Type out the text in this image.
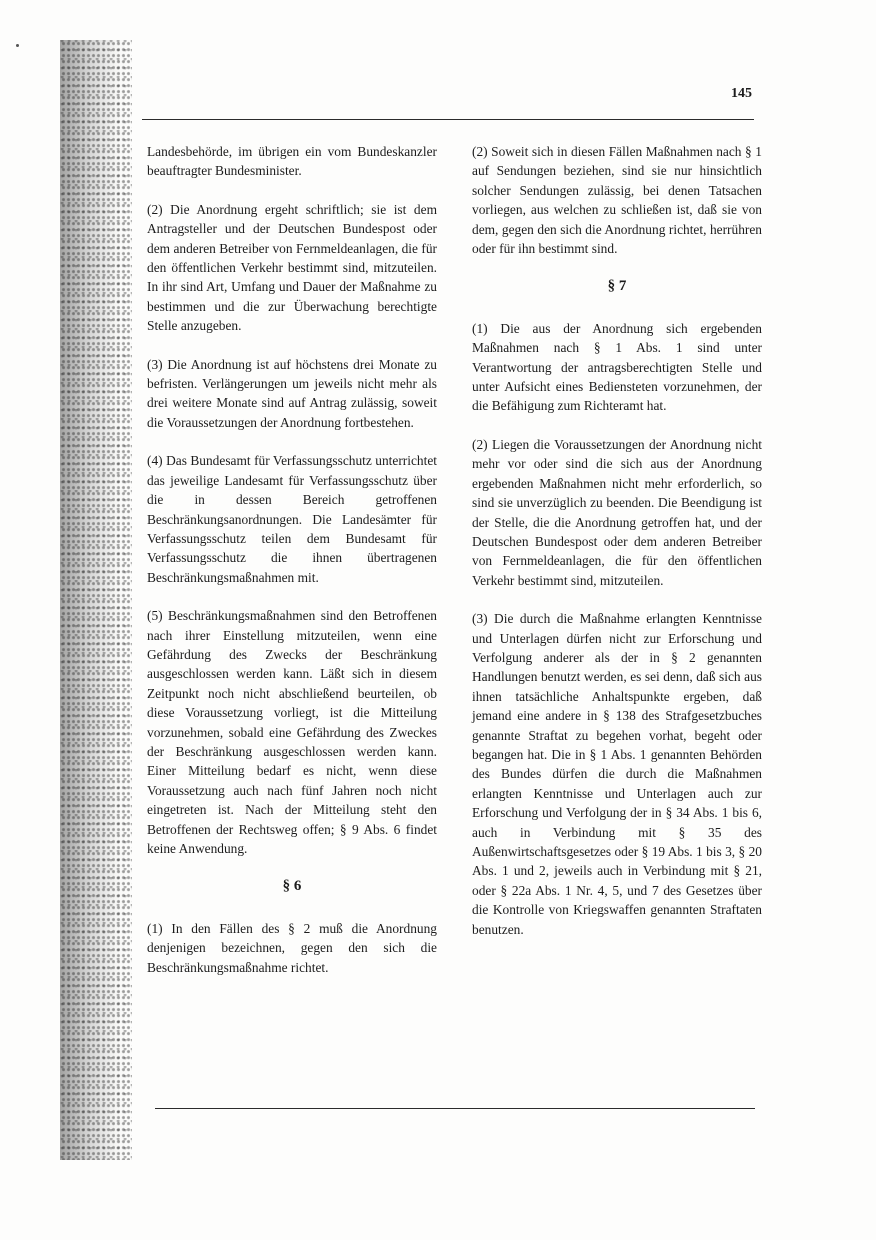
145

Landesbehörde, im übrigen ein vom Bundeskanzler beauftragter Bundesminister.

(2) Die Anordnung ergeht schriftlich; sie ist dem Antragsteller und der Deutschen Bundespost oder dem anderen Betreiber von Fernmeldeanlagen, die für den öffentlichen Verkehr bestimmt sind, mitzuteilen. In ihr sind Art, Umfang und Dauer der Maßnahme zu bestimmen und die zur Überwachung berechtigte Stelle anzugeben.

(3) Die Anordnung ist auf höchstens drei Monate zu befristen. Verlängerungen um jeweils nicht mehr als drei weitere Monate sind auf Antrag zulässig, soweit die Voraussetzungen der Anordnung fortbestehen.

(4) Das Bundesamt für Verfassungsschutz unterrichtet das jeweilige Landesamt für Verfassungsschutz über die in dessen Bereich getroffenen Beschränkungsanordnungen. Die Landesämter für Verfassungsschutz teilen dem Bundesamt für Verfassungsschutz die ihnen übertragenen Beschränkungsmaßnahmen mit.

(5) Beschränkungsmaßnahmen sind den Betroffenen nach ihrer Einstellung mitzuteilen, wenn eine Gefährdung des Zwecks der Beschränkung ausgeschlossen werden kann. Läßt sich in diesem Zeitpunkt noch nicht abschließend beurteilen, ob diese Voraussetzung vorliegt, ist die Mitteilung vorzunehmen, sobald eine Gefährdung des Zweckes der Beschränkung ausgeschlossen werden kann. Einer Mitteilung bedarf es nicht, wenn diese Voraussetzung auch nach fünf Jahren noch nicht eingetreten ist. Nach der Mitteilung steht den Betroffenen der Rechtsweg offen; § 9 Abs. 6 findet keine Anwendung.

§ 6

(1) In den Fällen des § 2 muß die Anordnung denjenigen bezeichnen, gegen den sich die Beschränkungsmaßnahme richtet.

(2) Soweit sich in diesen Fällen Maßnahmen nach § 1 auf Sendungen beziehen, sind sie nur hinsichtlich solcher Sendungen zulässig, bei denen Tatsachen vorliegen, aus welchen zu schließen ist, daß sie von dem, gegen den sich die Anordnung richtet, herrühren oder für ihn bestimmt sind.

§ 7

(1) Die aus der Anordnung sich ergebenden Maßnahmen nach § 1 Abs. 1 sind unter Verantwortung der antragsberechtigten Stelle und unter Aufsicht eines Bediensteten vorzunehmen, der die Befähigung zum Richteramt hat.

(2) Liegen die Voraussetzungen der Anordnung nicht mehr vor oder sind die sich aus der Anordnung ergebenden Maßnahmen nicht mehr erforderlich, so sind sie unverzüglich zu beenden. Die Beendigung ist der Stelle, die die Anordnung getroffen hat, und der Deutschen Bundespost oder dem anderen Betreiber von Fernmeldeanlagen, die für den öffentlichen Verkehr bestimmt sind, mitzuteilen.

(3) Die durch die Maßnahme erlangten Kenntnisse und Unterlagen dürfen nicht zur Erforschung und Verfolgung anderer als der in § 2 genannten Handlungen benutzt werden, es sei denn, daß sich aus ihnen tatsächliche Anhaltspunkte ergeben, daß jemand eine andere in § 138 des Strafgesetzbuches genannte Straftat zu begehen vorhat, begeht oder begangen hat. Die in § 1 Abs. 1 genannten Behörden des Bundes dürfen die durch die Maßnahmen erlangten Kenntnisse und Unterlagen auch zur Erforschung und Verfolgung der in § 34 Abs. 1 bis 6, auch in Verbindung mit § 35 des Außenwirtschaftsgesetzes oder § 19 Abs. 1 bis 3, § 20 Abs. 1 und 2, jeweils auch in Verbindung mit § 21, oder § 22a Abs. 1 Nr. 4, 5, und 7 des Gesetzes über die Kontrolle von Kriegswaffen genannten Straftaten benutzen.
